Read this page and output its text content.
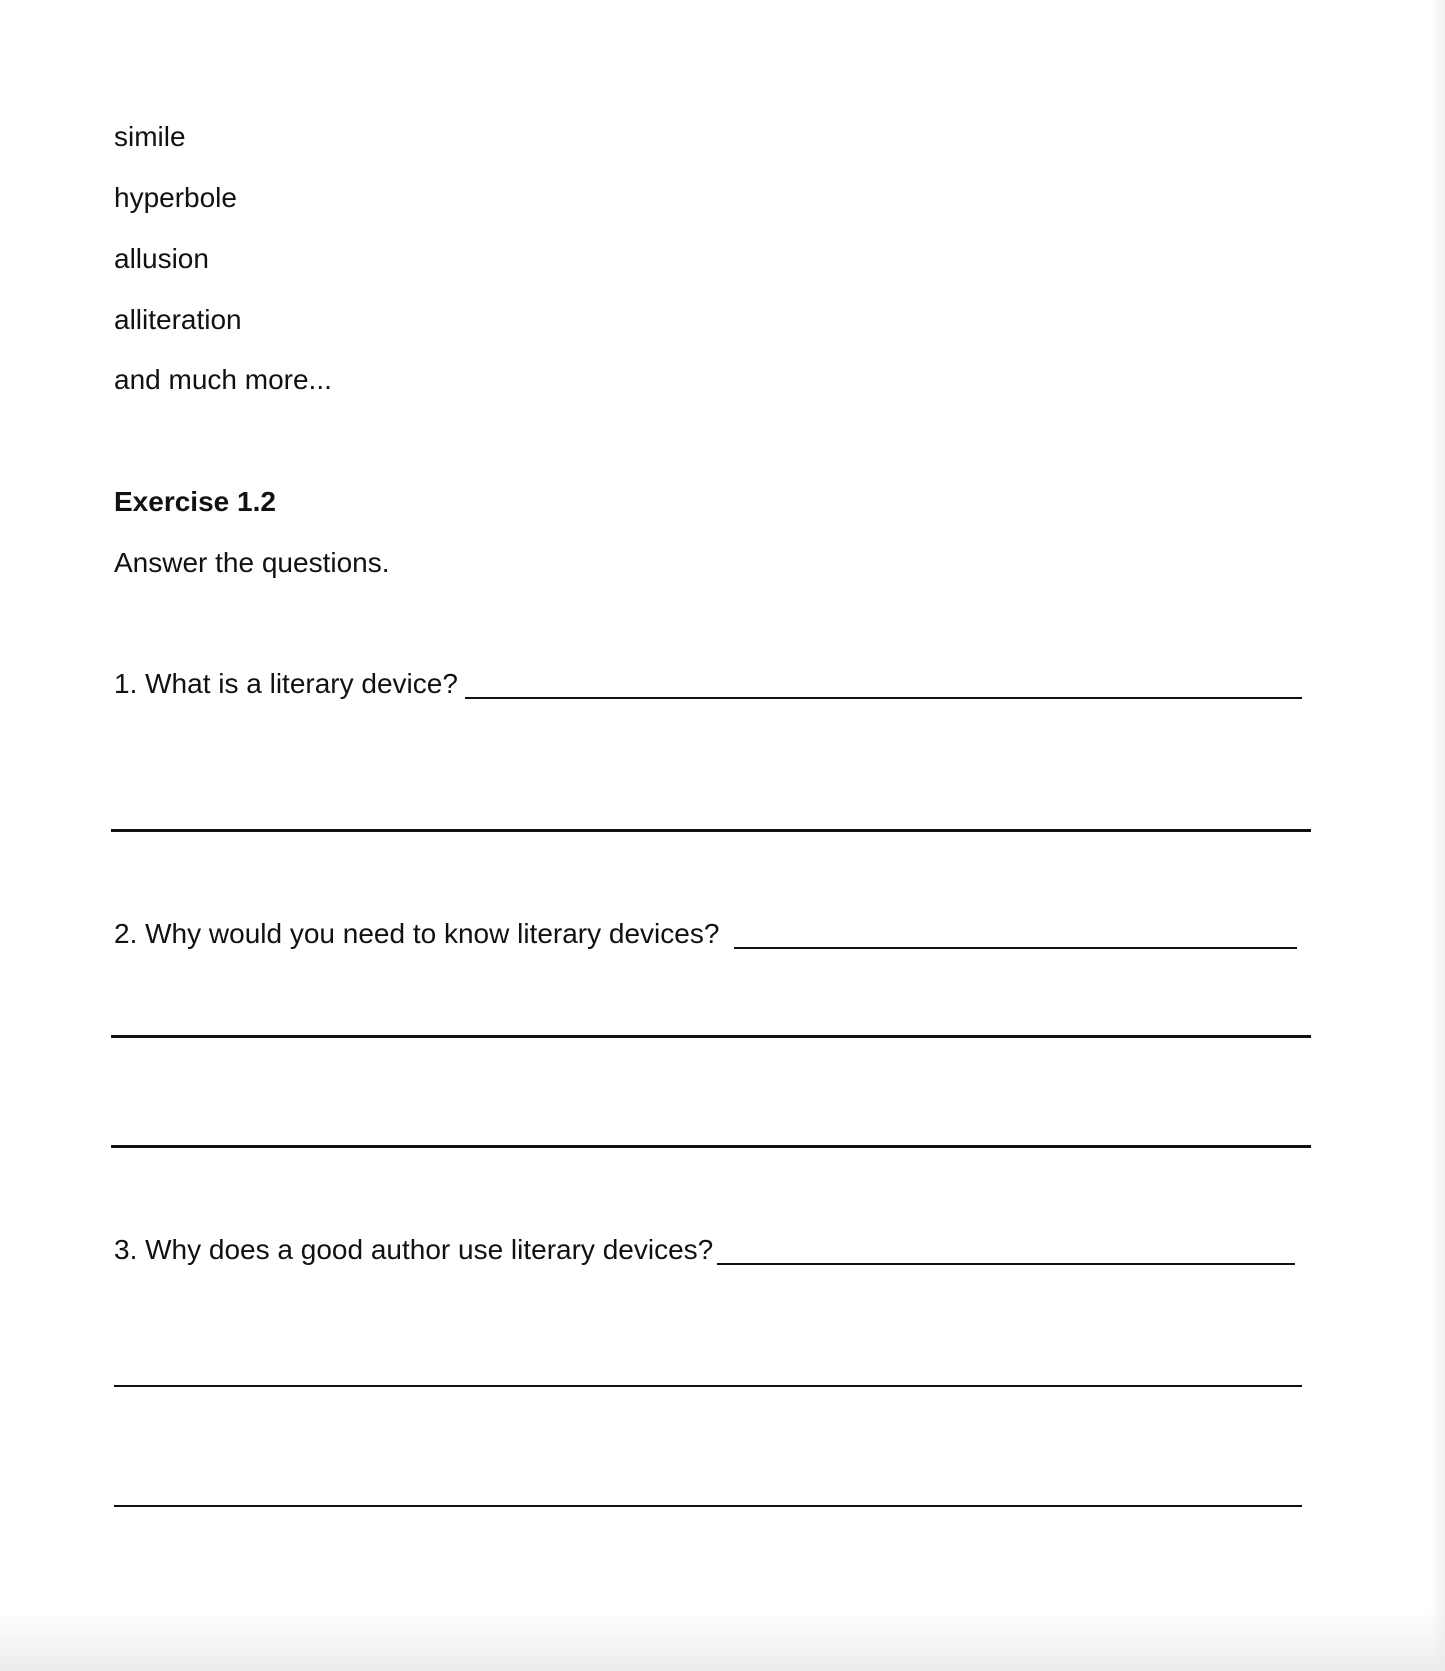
simile
hyperbole
allusion
alliteration
and much more...
Exercise 1.2
Answer the questions.
1. What is a literary device?
2. Why would you need to know literary devices?
3. Why does a good author use literary devices?
